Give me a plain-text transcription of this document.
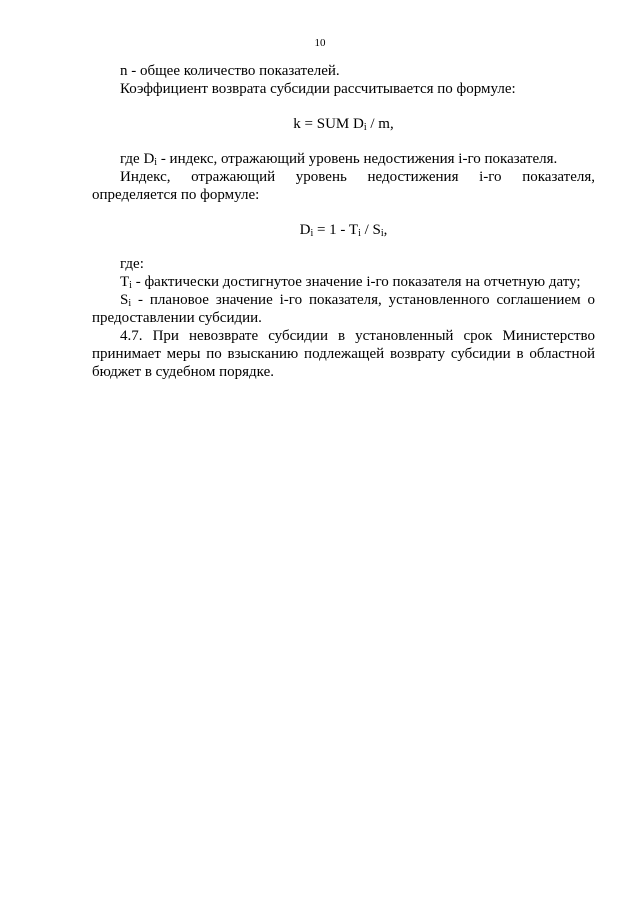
10

n - общее количество показателей.

Коэффициент возврата субсидии рассчитывается по формуле:

k = SUM $D_i$ / m,

где $D_i$ - индекс, отражающий уровень недостижения i-го показателя.

Индекс, отражающий уровень недостижения i-го показателя, определяется по формуле:

$D_i = 1 - T_i / S_i$,

где:

$T_i$ - фактически достигнутое значение i-го показателя на отчетную дату;

$S_i$ - плановое значение i-го показателя, установленного соглашением о предоставлении субсидии.

4.7. При невозврате субсидии в установленный срок Министерство принимает меры по взысканию подлежащей возврату субсидии в областной бюджет в судебном порядке.
